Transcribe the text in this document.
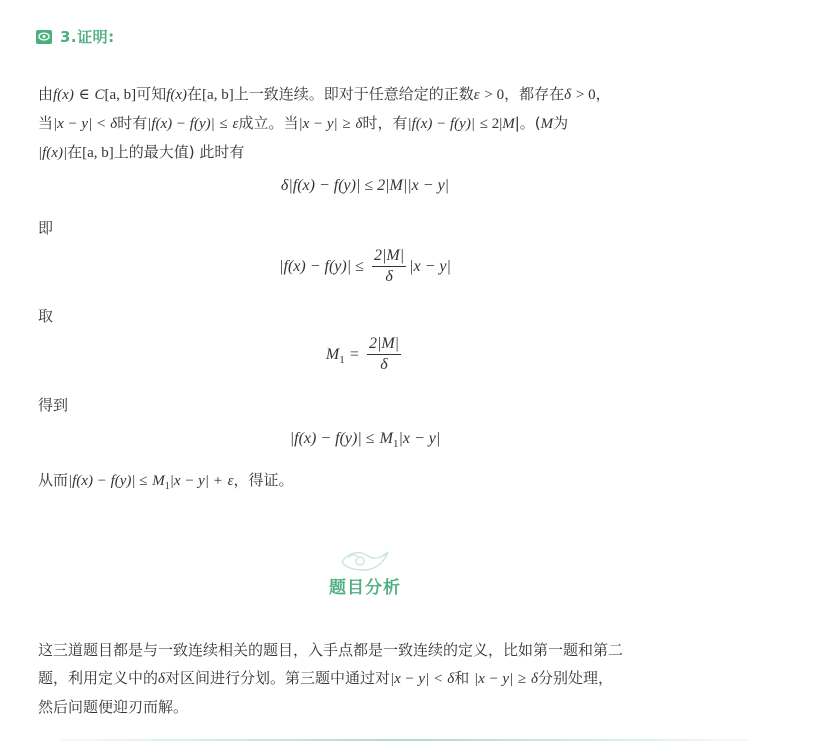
3.证明:
由f(x) ∈ C[a, b]可知f(x)在[a, b]上一致连续。即对于任意给定的正数ε > 0，都存在δ > 0，
当|x − y| < δ时有|f(x) − f(y)| ≤ ε成立。当|x − y| ≥ δ时，有|f(x) − f(y)| ≤ 2|M|。(M为
|f(x)|在[a, b]上的最大值) 此时有
δ|f(x) − f(y)| ≤ 2|M||x − y|
即
$|f(x) - f(y)| \le \frac{2|M|}{\delta} |x - y|$
取
$M_1 = \frac{2|M|}{\delta}$
得到
$|f(x) - f(y)| \le M_1|x - y|$
从而$|f(x) - f(y)| \le M_1|x - y| + \varepsilon$，得证。
题目分析
这三道题目都是与一致连续相关的题目，入手点都是一致连续的定义，比如第一题和第二
题，利用定义中的δ对区间进行分划。第三题中通过对|x − y| < δ和 |x − y| ≥ δ分别处理，
然后问题便迎刃而解。
